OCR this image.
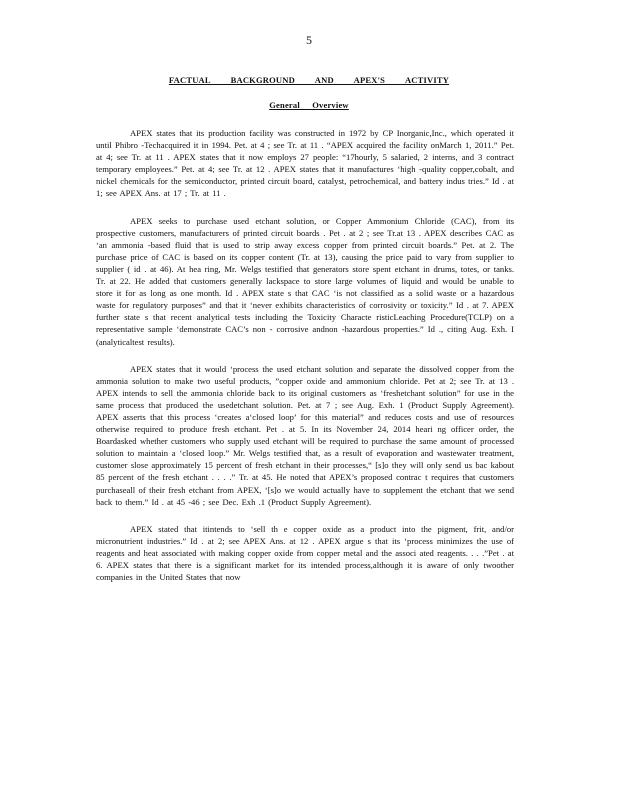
5
FACTUAL BACKGROUND AND APEX'S ACTIVITY
General Overview

APEX states that its production facility was constructed in 1972 by CP Inorganic,Inc., which operated it until Phibro -Techacquired it in 1994. Pet. at 4 ; see Tr. at 11 . “APEX acquired the facility onMarch 1, 2011.” Pet. at 4; see Tr. at 11 . APEX states that it now employs 27 people: “17hourly, 5 salaried, 2 interns, and 3 contract temporary employees.” Pet. at 4; see Tr. at 12 . APEX states that it manufactures ‘high -quality copper,cobalt, and nickel chemicals for the semiconductor, printed circuit board, catalyst, petrochemical, and battery indus tries.” Id . at 1; see APEX Ans. at 17 ; Tr. at 11 .

APEX seeks to purchase used etchant solution, or Copper Ammonium Chloride (CAC), from its prospective customers, manufacturers of printed circuit boards . Pet . at 2 ; see Tr.at 13 . APEX describes CAC as ‘an ammonia -based fluid that is used to strip away excess copper from printed circuit boards.” Pet. at 2. The purchase price of CAC is based on its copper content (Tr. at 13), causing the price paid to vary from supplier to supplier ( id . at 46). At hea ring, Mr. Welgs testified that generators store spent etchant in drums, totes, or tanks. Tr. at 22. He added that customers generally lackspace to store large volumes of liquid and would be unable to store it for as long as one month. Id . APEX state s that CAC ‘is not classified as a solid waste or a hazardous waste for regulatory purposes” and that it ‘never exhibits characteristics of corrosivity or toxicity.” Id . at 7. APEX further state s that recent analytical tests including the Toxicity Characte risticLeaching Procedure(TCLP) on a representative sample ‘demonstrate CAC’s non - corrosive andnon -hazardous properties.” Id ., citing Aug. Exh. I (analyticaltest results).

APEX states that it would ‘process the used etchant solution and separate the dissolved copper from the ammonia solution to make two useful products, ”copper oxide and ammonium chloride. Pet at 2; see Tr. at 13 . APEX intends to sell the ammonia chloride back to its original customers as ‘freshetchant solution” for use in the same process that produced the usedetchant solution. Pet. at 7 ; see Aug. Exh. 1 (Product Supply Agreement). APEX asserts that this process ‘creates a‘closed loop’ for this material” and reduces costs and use of resources otherwise required to produce fresh etchant. Pet . at 5. In its November 24, 2014 heari ng officer order, the Boardasked whether customers who supply used etchant will be required to purchase the same amount of processed solution to maintain a ‘closed loop.” Mr. Welgs testified that, as a result of evaporation and wastewater treatment, customer slose approximately 15 percent of fresh etchant in their processes,“ [s]o they will only send us bac kabout 85 percent of the fresh etchant . . . .” Tr. at 45. He noted that APEX’s proposed contrac t requires that customers purchaseall of their fresh etchant from APEX, ‘[s]o we would actually have to supplement the etchant that we send back to them.” Id . at 45 -46 ; see Dec. Exh .1 (Product Supply Agreement).

APEX stated that itintends to ‘sell th e copper oxide as a product into the pigment, frit, and/or micronutrient industries.” Id . at 2; see APEX Ans. at 12 . APEX argue s that its ‘process minimizes the use of reagents and heat associated with making copper oxide from copper metal and the associ ated reagents. . . .”Pet . at 6. APEX states that there is a significant market for its intended process,although it is aware of only twoother companies in the United States that now
